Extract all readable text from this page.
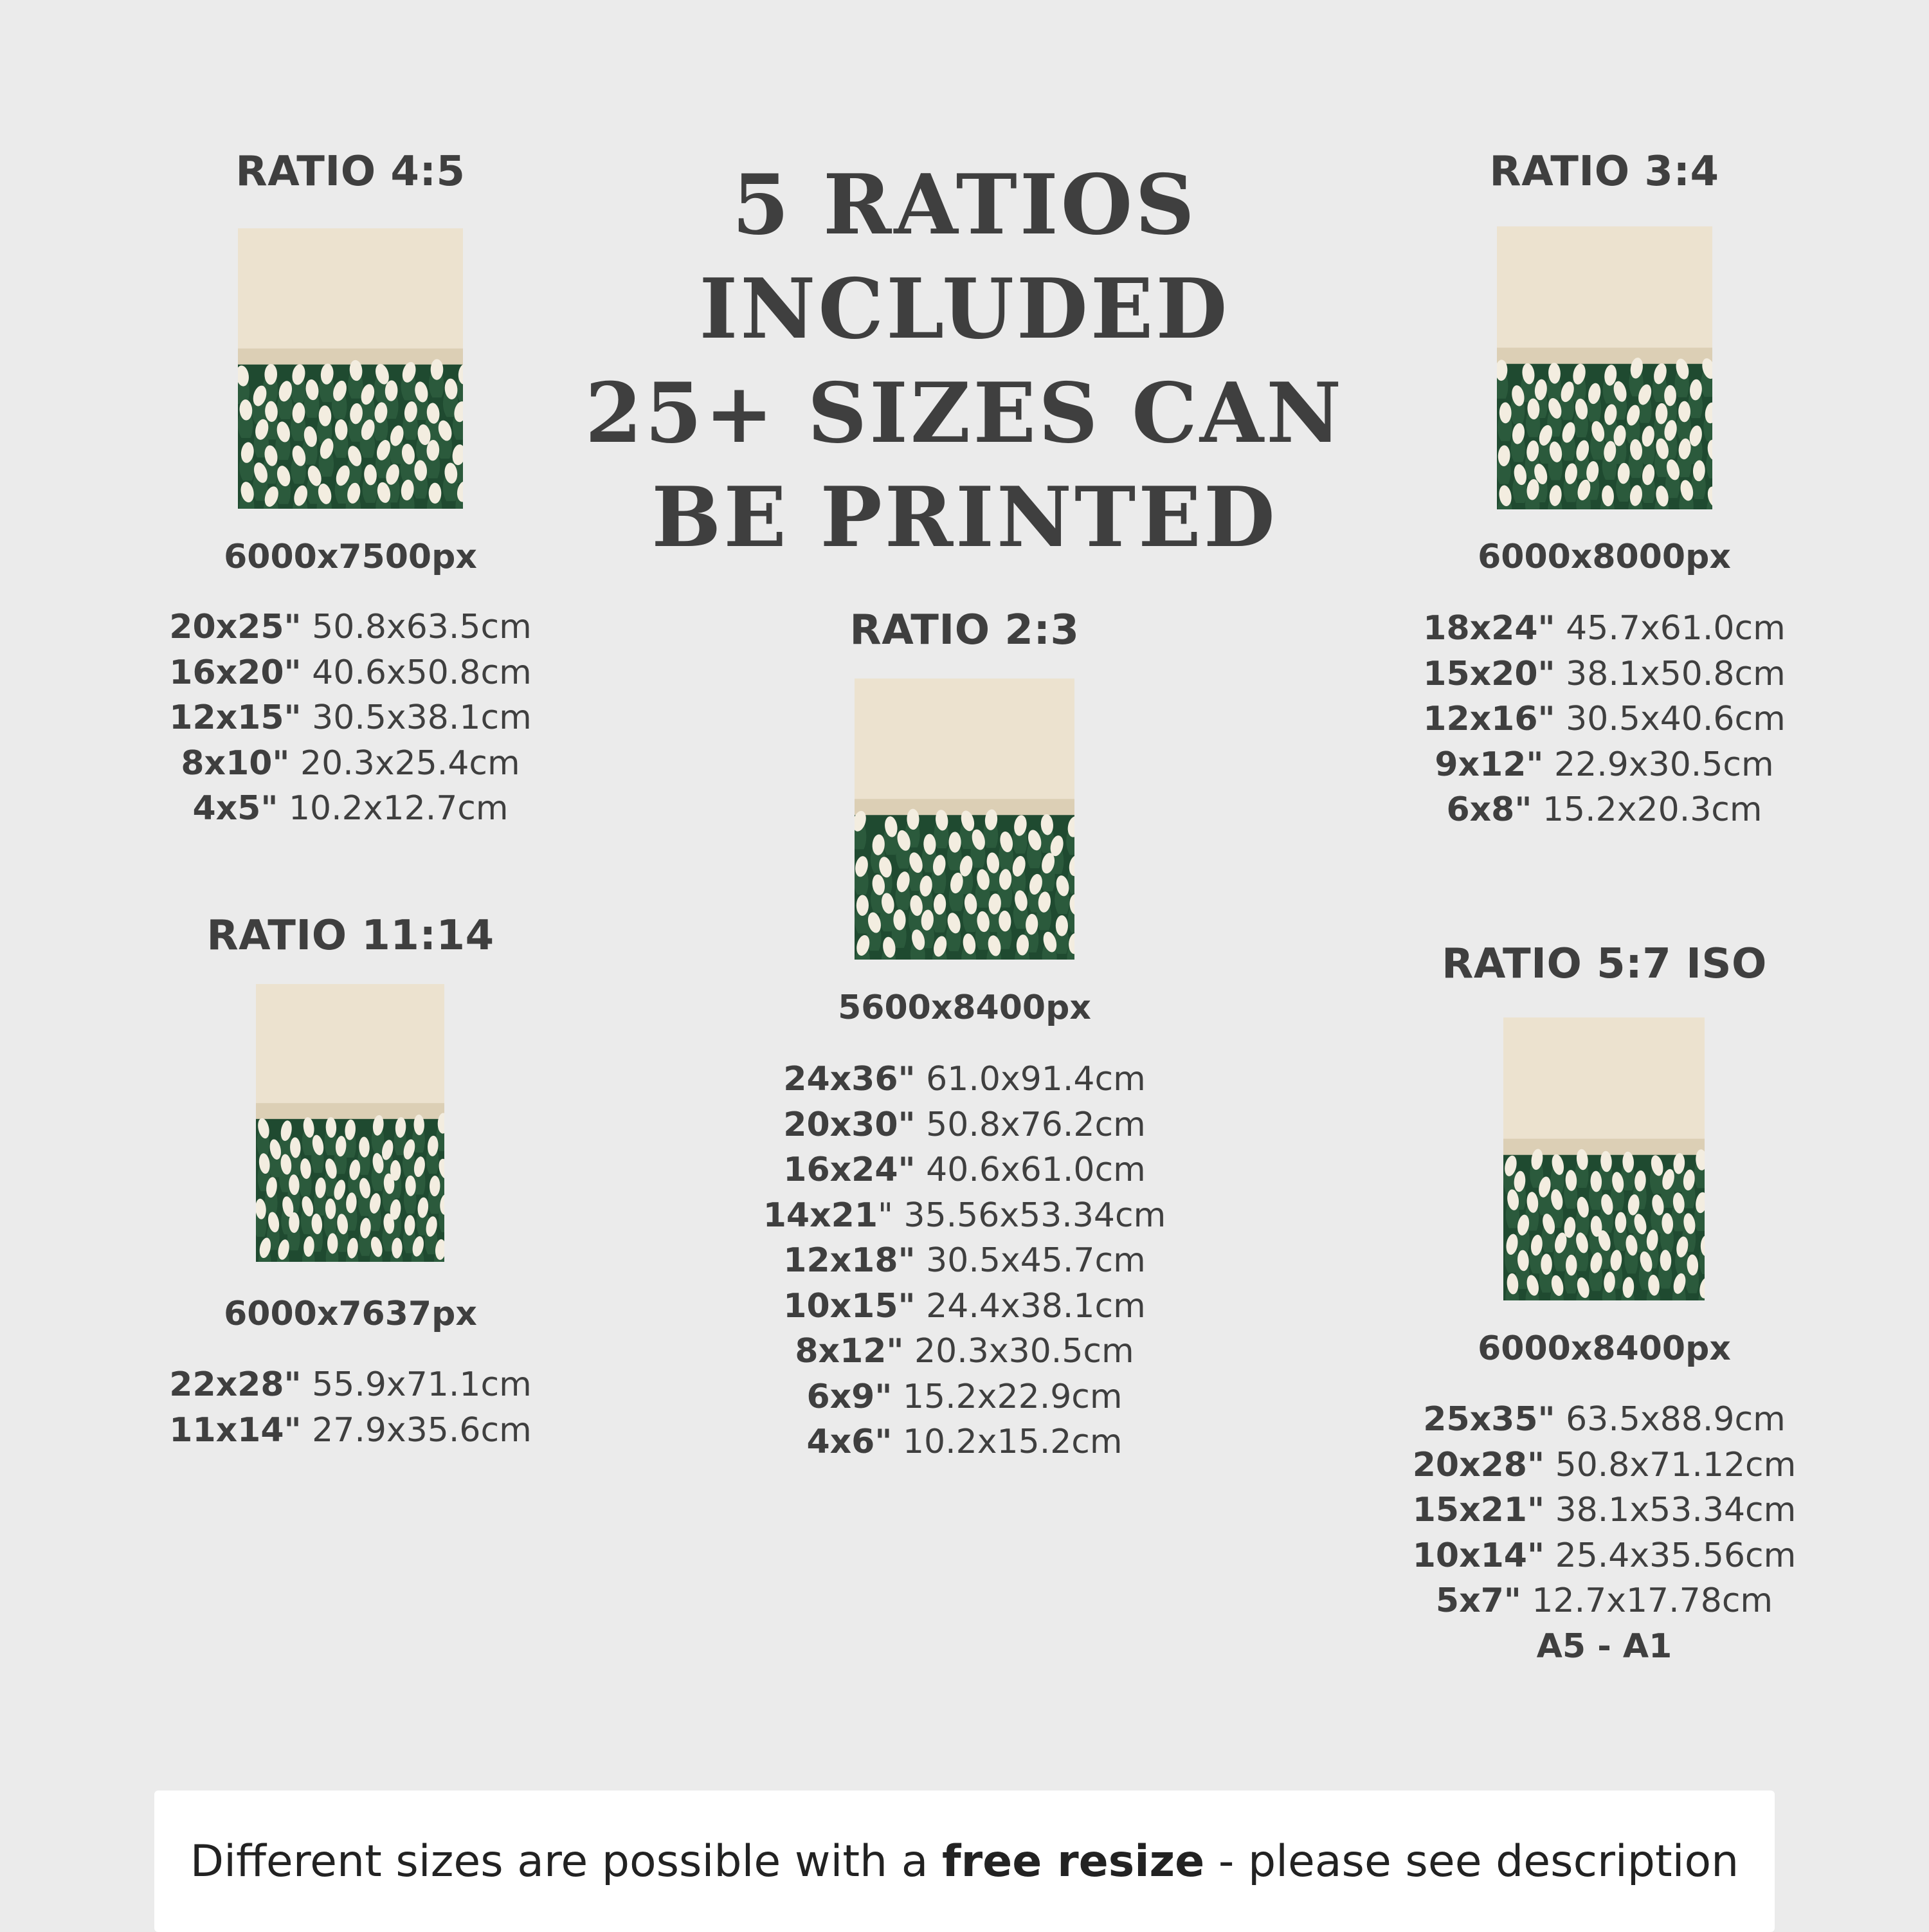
5 RATIOS
INCLUDED
25+ SIZES CAN
BE PRINTED
RATIO 4:5
6000x7500px
20x25" 50.8x63.5cm
16x20" 40.6x50.8cm
12x15" 30.5x38.1cm
8x10" 20.3x25.4cm
4x5" 10.2x12.7cm
RATIO 3:4
6000x8000px
18x24" 45.7x61.0cm
15x20" 38.1x50.8cm
12x16" 30.5x40.6cm
9x12" 22.9x30.5cm
6x8" 15.2x20.3cm
RATIO 2:3
5600x8400px
24x36" 61.0x91.4cm
20x30" 50.8x76.2cm
16x24" 40.6x61.0cm
14x21" 35.56x53.34cm
12x18" 30.5x45.7cm
10x15" 24.4x38.1cm
8x12" 20.3x30.5cm
6x9" 15.2x22.9cm
4x6" 10.2x15.2cm
RATIO 11:14
6000x7637px
22x28" 55.9x71.1cm
11x14" 27.9x35.6cm
RATIO 5:7 ISO
6000x8400px
25x35" 63.5x88.9cm
20x28" 50.8x71.12cm
15x21" 38.1x53.34cm
10x14" 25.4x35.56cm
5x7" 12.7x17.78cm
A5 - A1
Different sizes are possible with a free resize - please see description
